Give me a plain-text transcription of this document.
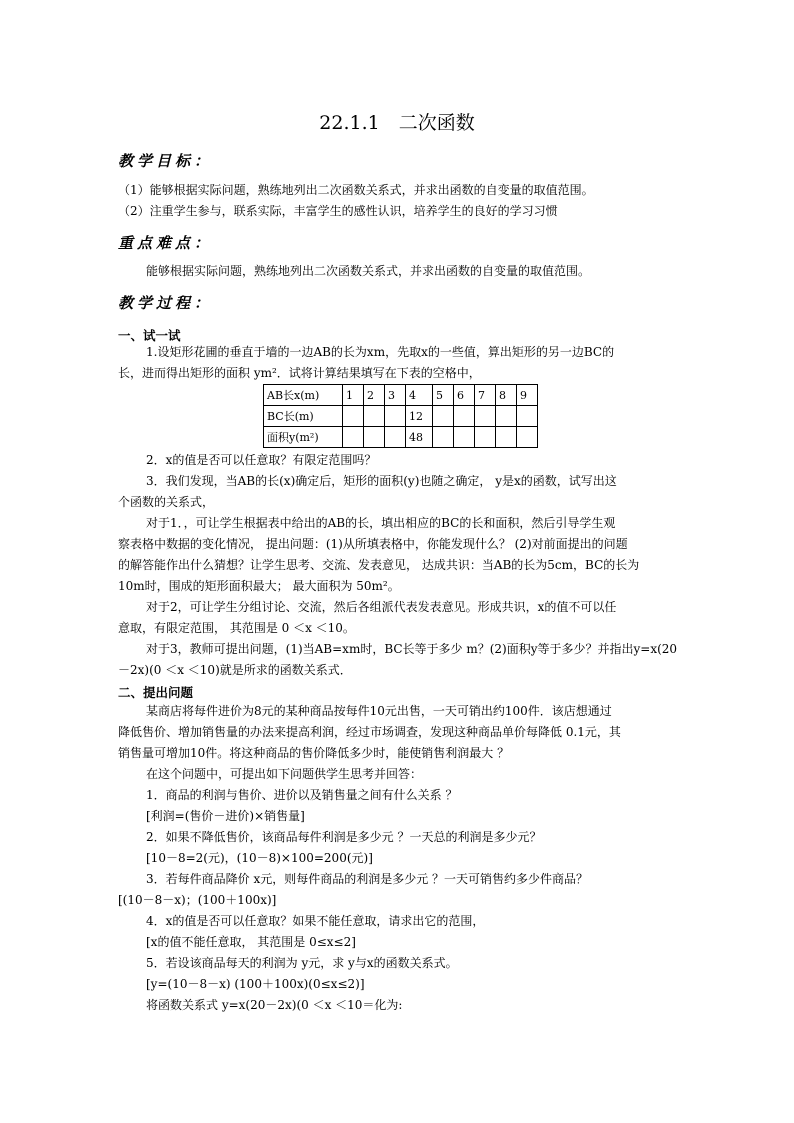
22.1.1　二次函数
教学目标：
（1）能够根据实际问题，熟练地列出二次函数关系式，并求出函数的自变量的取值范围。
（2）注重学生参与，联系实际，丰富学生的感性认识，培养学生的良好的学习习惯
重点难点：
能够根据实际问题，熟练地列出二次函数关系式，并求出函数的自变量的取值范围。
教学过程：
一、试一试
1.设矩形花圃的垂直于墙的一边AB的长为xm，先取x的一些值，算出矩形的另一边BC的
长，进而得出矩形的面积 ym²．试将计算结果填写在下表的空格中，
AB长x(m)	1	2	3	4	5	6	7	8	9
BC长(m)				12					
面积y(m²)				48					
2．x的值是否可以任意取？有限定范围吗？
3．我们发现，当AB的长(x)确定后，矩形的面积(y)也随之确定， y是x的函数，试写出这
个函数的关系式，
对于1．，可让学生根据表中给出的AB的长，填出相应的BC的长和面积，然后引导学生观
察表格中数据的变化情况， 提出问题：(1)从所填表格中，你能发现什么？ (2)对前面提出的问题
的解答能作出什么猜想？让学生思考、交流、发表意见， 达成共识：当AB的长为5cm，BC的长为
10m时，围成的矩形面积最大； 最大面积为 50m²。
对于2，可让学生分组讨论、交流，然后各组派代表发表意见。形成共识，x的值不可以任
意取，有限定范围， 其范围是 0 ＜x ＜10。
对于3，教师可提出问题，(1)当AB=xm时，BC长等于多少 m？(2)面积y等于多少？并指出y=x(20
－2x)(0 ＜x ＜10)就是所求的函数关系式．
二、提出问题
某商店将每件进价为8元的某种商品按每件10元出售，一天可销出约100件．该店想通过
降低售价、增加销售量的办法来提高利润，经过市场调查，发现这种商品单价每降低 0.1元，其
销售量可增加10件。将这种商品的售价降低多少时，能使销售利润最大 ？
在这个问题中，可提出如下问题供学生思考并回答：
1．商品的利润与售价、进价以及销售量之间有什么关系 ？
[利润=(售价－进价)×销售量]
2．如果不降低售价，该商品每件利润是多少元 ？一天总的利润是多少元？
[10－8=2(元)，(10－8)×100=200(元)]
3．若每件商品降价 x元，则每件商品的利润是多少元 ？一天可销售约多少件商品？
[(10－8－x)；(100＋100x)]
4．x的值是否可以任意取？如果不能任意取，请求出它的范围，
[x的值不能任意取， 其范围是 0≤x≤2]
5．若设该商品每天的利润为 y元，求 y与x的函数关系式。
[y=(10－8－x) (100＋100x)(0≤x≤2)]
将函数关系式 y=x(20－2x)(0 ＜x ＜10＝化为:
